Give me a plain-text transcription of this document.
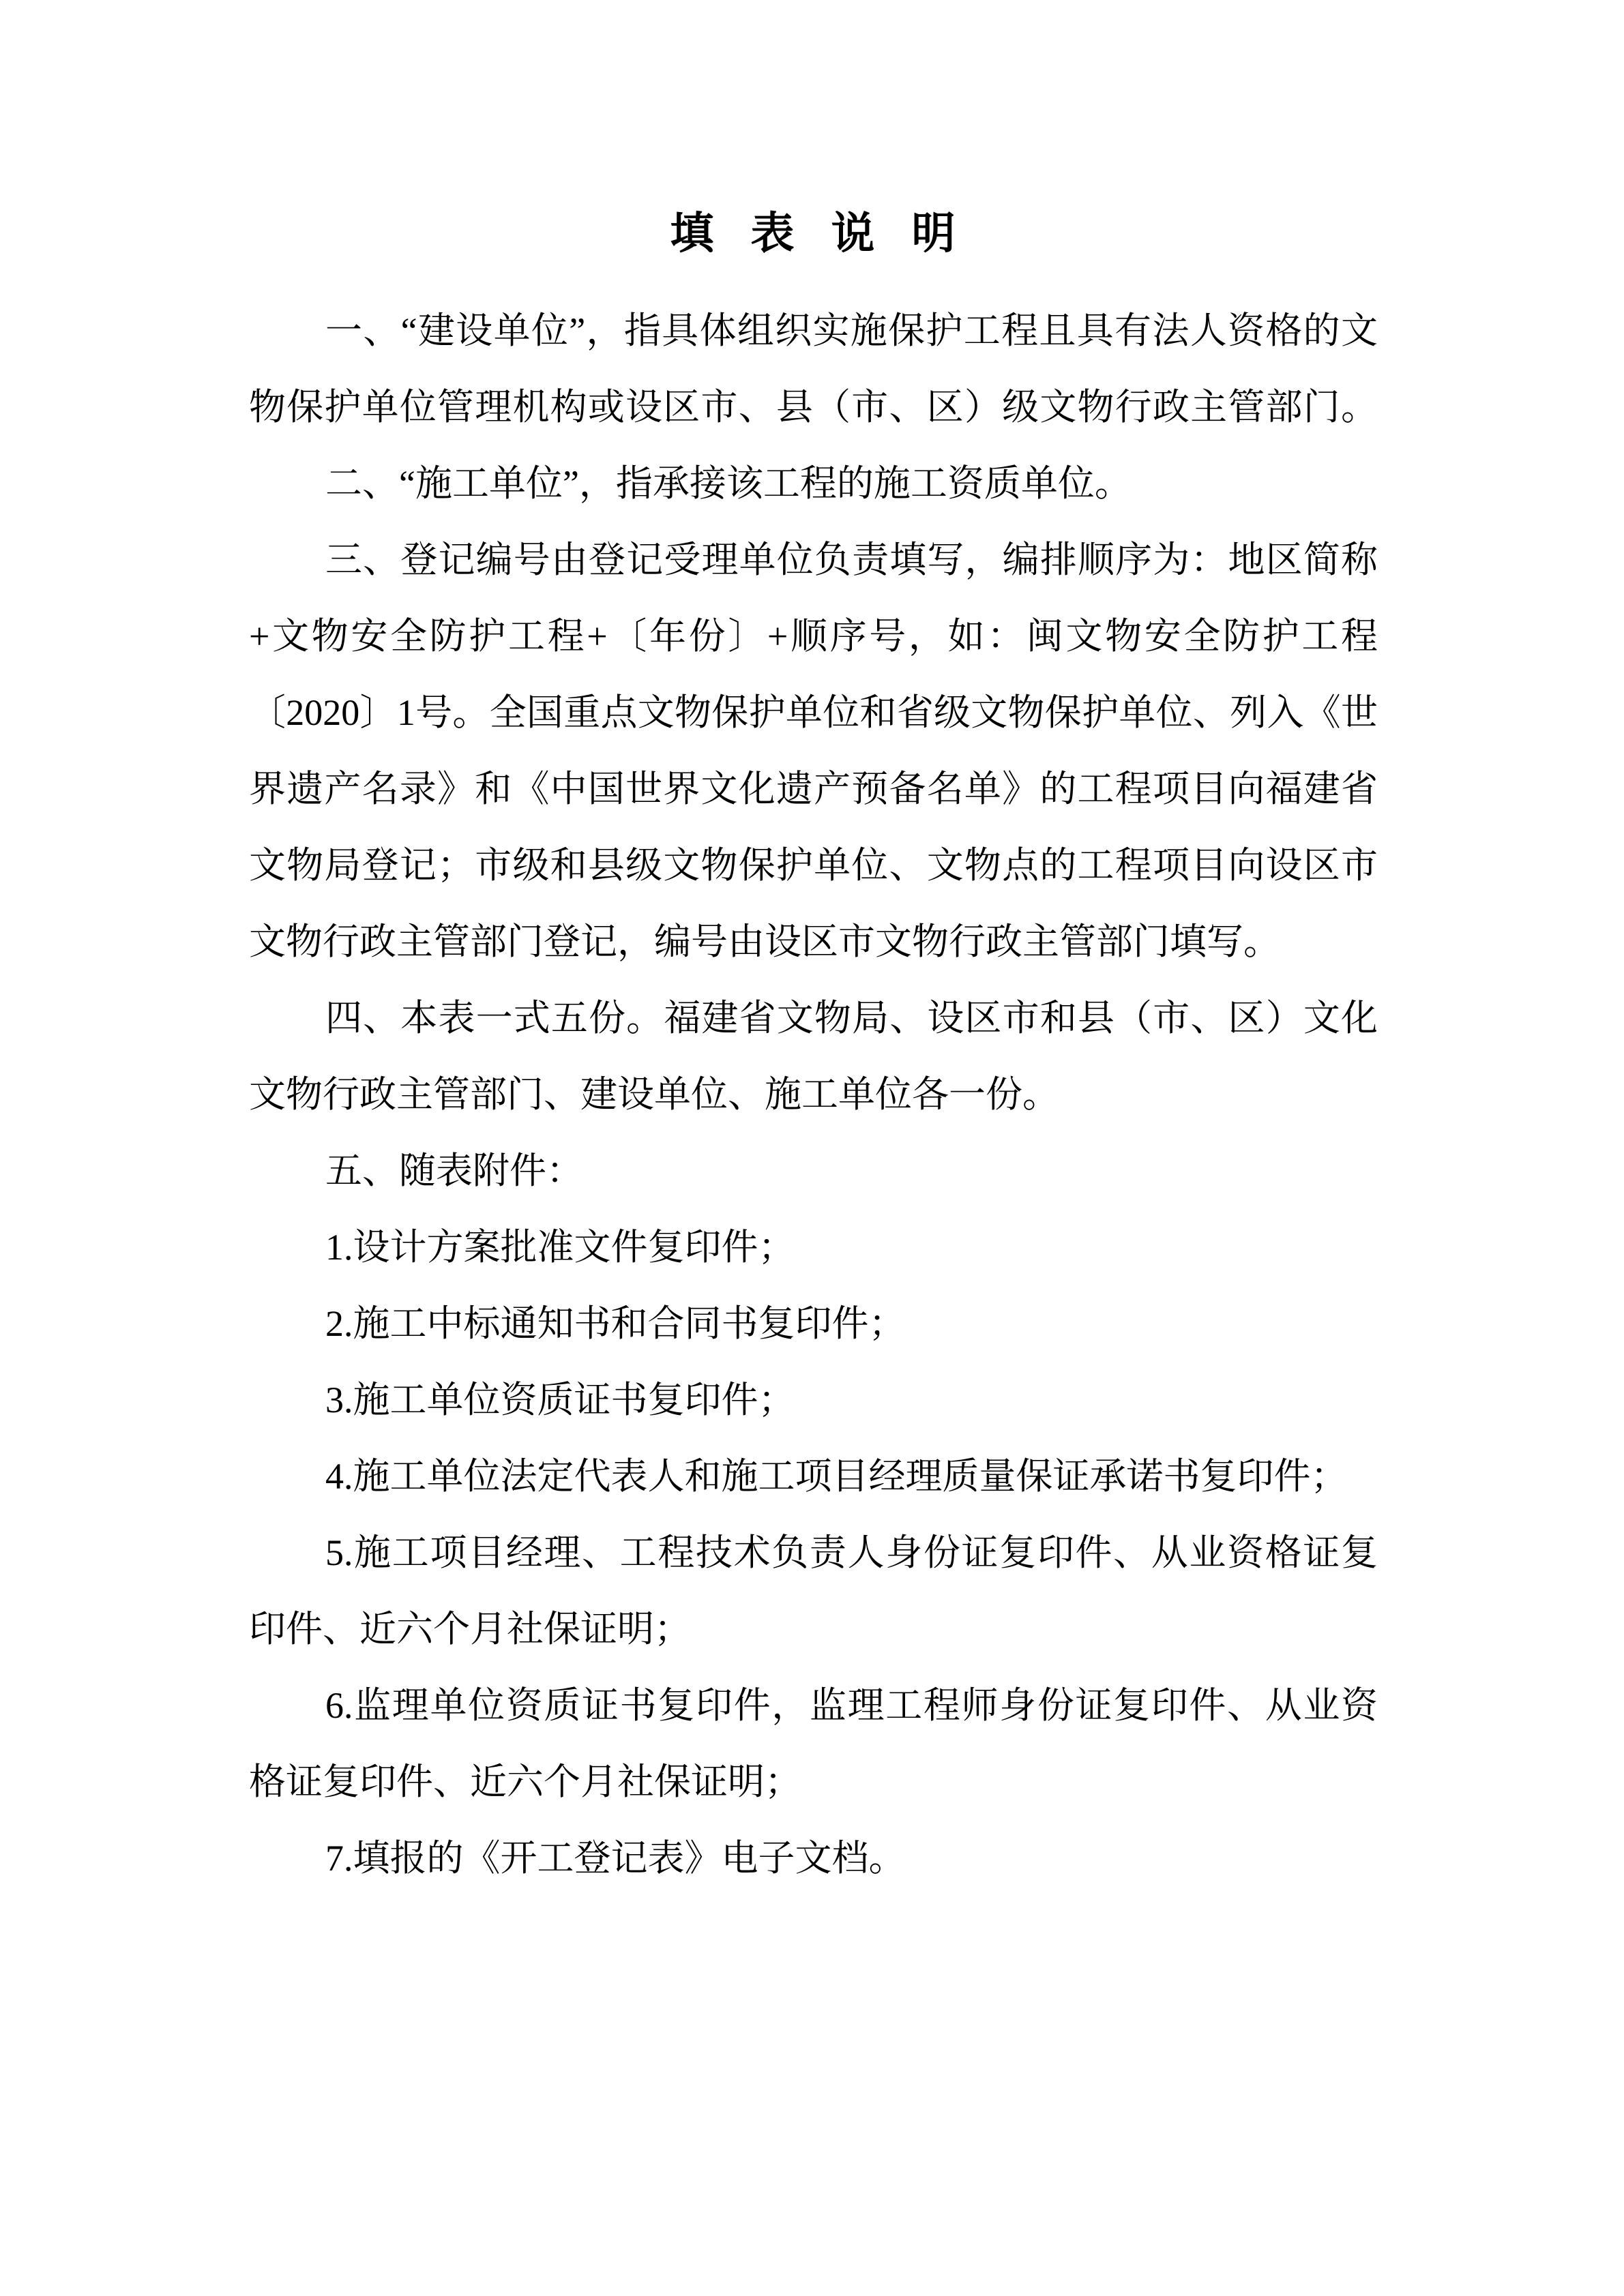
填 表 说 明
一、“建设单位”，指具体组织实施保护工程且具有法人资格的文
物保护单位管理机构或设区市、县（市、区）级文物行政主管部门。
二、“施工单位”，指承接该工程的施工资质单位。
三、登记编号由登记受理单位负责填写，编排顺序为：地区简称
+文物安全防护工程+〔年份〕+顺序号，如：闽文物安全防护工程
〔2020〕1号。全国重点文物保护单位和省级文物保护单位、列入《世
界遗产名录》和《中国世界文化遗产预备名单》的工程项目向福建省
文物局登记；市级和县级文物保护单位、文物点的工程项目向设区市
文物行政主管部门登记，编号由设区市文物行政主管部门填写。
四、本表一式五份。福建省文物局、设区市和县（市、区）文化
文物行政主管部门、建设单位、施工单位各一份。
五、随表附件：
1.设计方案批准文件复印件；
2.施工中标通知书和合同书复印件；
3.施工单位资质证书复印件；
4.施工单位法定代表人和施工项目经理质量保证承诺书复印件；
5.施工项目经理、工程技术负责人身份证复印件、从业资格证复
印件、近六个月社保证明；
6.监理单位资质证书复印件，监理工程师身份证复印件、从业资
格证复印件、近六个月社保证明；
7.填报的《开工登记表》电子文档。
